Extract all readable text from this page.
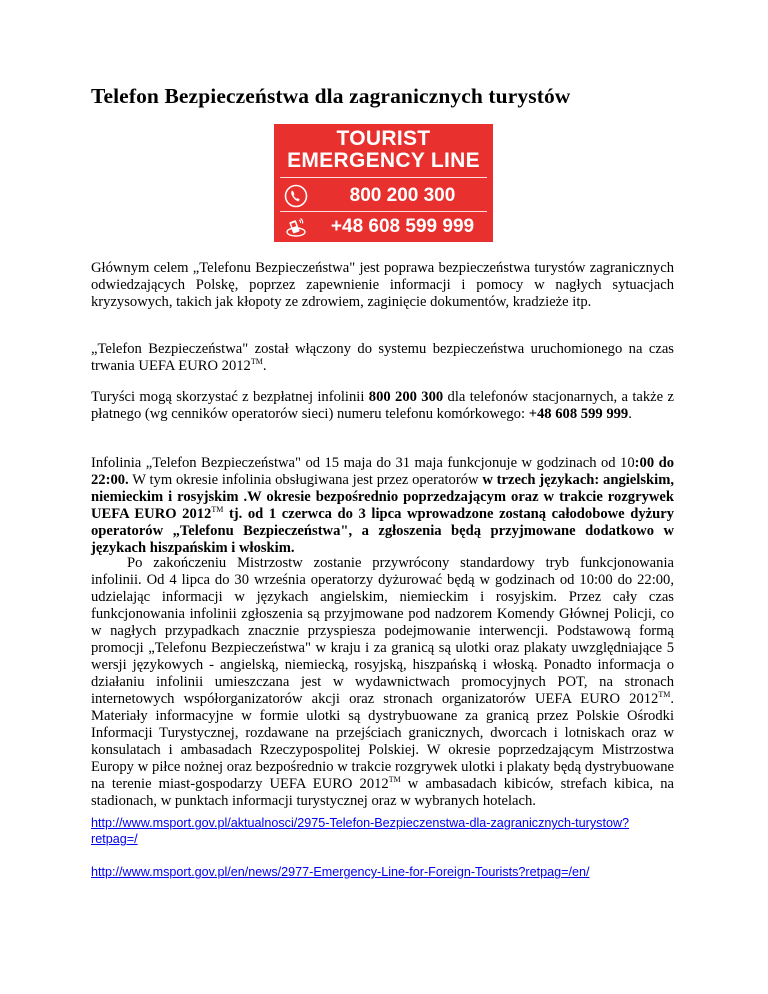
Telefon Bezpieczeństwa dla zagranicznych turystów
TOURIST
EMERGENCY LINE
800 200 300
+48 608 599 999

Głównym celem „Telefonu Bezpieczeństwa" jest poprawa bezpieczeństwa turystów zagranicznych odwiedzających Polskę, poprzez zapewnienie informacji i pomocy w nagłych sytuacjach kryzysowych, takich jak kłopoty ze zdrowiem, zaginięcie dokumentów, kradzieże itp.

„Telefon Bezpieczeństwa" został włączony do systemu bezpieczeństwa uruchomionego na czas trwania UEFA EURO 2012™.

Turyści mogą skorzystać z bezpłatnej infolinii 800 200 300 dla telefonów stacjonarnych, a także z płatnego (wg cenników operatorów sieci) numeru telefonu komórkowego: +48 608 599 999.

Infolinia „Telefon Bezpieczeństwa" od 15 maja do 31 maja funkcjonuje w godzinach od 10:00 do 22:00. W tym okresie infolinia obsługiwana jest przez operatorów w trzech językach: angielskim, niemieckim i rosyjskim .W okresie bezpośrednio poprzedzającym oraz w trakcie rozgrywek UEFA EURO 2012™ tj. od 1 czerwca do 3 lipca wprowadzone zostaną całodobowe dyżury operatorów „Telefonu Bezpieczeństwa", a zgłoszenia będą przyjmowane dodatkowo w językach hiszpańskim i włoskim.

Po zakończeniu Mistrzostw zostanie przywrócony standardowy tryb funkcjonowania infolinii. Od 4 lipca do 30 września operatorzy dyżurować będą w godzinach od 10:00 do 22:00, udzielając informacji w językach angielskim, niemieckim i rosyjskim. Przez cały czas funkcjonowania infolinii zgłoszenia są przyjmowane pod nadzorem Komendy Głównej Policji, co w nagłych przypadkach znacznie przyspiesza podejmowanie interwencji. Podstawową formą promocji „Telefonu Bezpieczeństwa" w kraju i za granicą są ulotki oraz plakaty uwzględniające 5 wersji językowych - angielską, niemiecką, rosyjską, hiszpańską i włoską. Ponadto informacja o działaniu infolinii umieszczana jest w wydawnictwach promocyjnych POT, na stronach internetowych współorganizatorów akcji oraz stronach organizatorów UEFA EURO 2012™. Materiały informacyjne w formie ulotki są dystrybuowane za granicą przez Polskie Ośrodki Informacji Turystycznej, rozdawane na przejściach granicznych, dworcach i lotniskach oraz w konsulatach i ambasadach Rzeczypospolitej Polskiej. W okresie poprzedzającym Mistrzostwa Europy w piłce nożnej oraz bezpośrednio w trakcie rozgrywek ulotki i plakaty będą dystrybuowane na terenie miast-gospodarzy UEFA EURO 2012™ w ambasadach kibiców, strefach kibica, na stadionach, w punktach informacji turystycznej oraz w wybranych hotelach.

http://www.msport.gov.pl/aktualnosci/2975-Telefon-Bezpieczenstwa-dla-zagranicznych-turystow?
retpag=/
http://www.msport.gov.pl/en/news/2977-Emergency-Line-for-Foreign-Tourists?retpag=/en/
